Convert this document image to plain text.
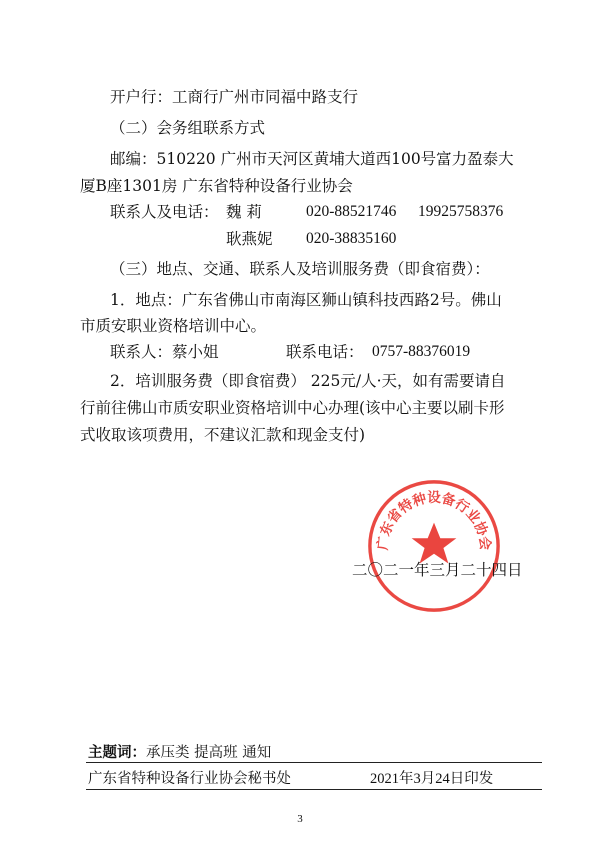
开户行：工商行广州市同福中路支行
（二）会务组联系方式
邮编：510220 广州市天河区黄埔大道西100号富力盈泰大
厦B座1301房 广东省特种设备行业协会
联系人及电话： 魏 莉	020-88521746 19925758376
耿燕妮 020-38835160
（三）地点、交通、联系人及培训服务费（即食宿费）：
1．地点：广东省佛山市南海区狮山镇科技西路2号。佛山
市质安职业资格培训中心。
联系人：蔡小姐	联系电话： 0757-88376019
2．培训服务费（即食宿费） 225元/人·天，如有需要请自
行前往佛山市质安职业资格培训中心办理(该中心主要以刷卡形
式收取该项费用，不建议汇款和现金支付)
广东省特种设备行业协会
二〇二一年三月二十四日
主题词：承压类 提高班 通知
广东省特种设备行业协会秘书处	2021年3月24日印发
3
